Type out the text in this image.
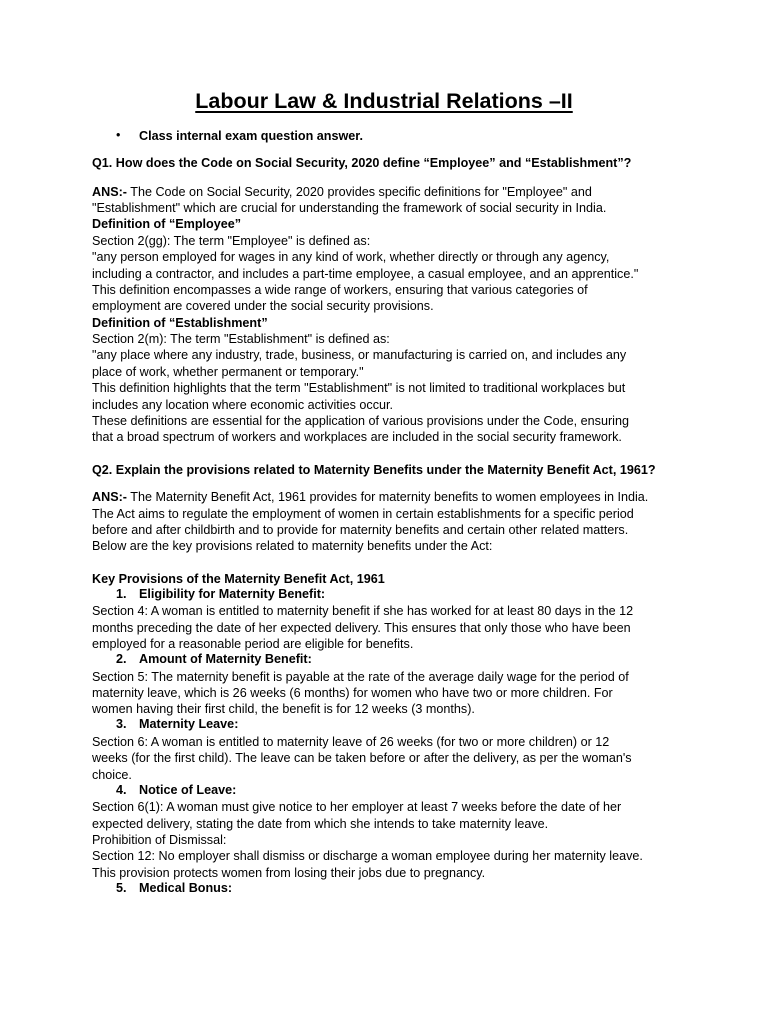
Labour Law & Industrial Relations –II
• Class internal exam question answer.
Q1. How does the Code on Social Security, 2020 define “Employee” and “Establishment”?
ANS:- The Code on Social Security, 2020 provides specific definitions for "Employee" and
"Establishment" which are crucial for understanding the framework of social security in India.
Definition of “Employee”
Section 2(gg): The term "Employee" is defined as:
"any person employed for wages in any kind of work, whether directly or through any agency,
including a contractor, and includes a part-time employee, a casual employee, and an apprentice."
This definition encompasses a wide range of workers, ensuring that various categories of
employment are covered under the social security provisions.
Definition of “Establishment”
Section 2(m): The term "Establishment" is defined as:
"any place where any industry, trade, business, or manufacturing is carried on, and includes any
place of work, whether permanent or temporary."
This definition highlights that the term "Establishment" is not limited to traditional workplaces but
includes any location where economic activities occur.
These definitions are essential for the application of various provisions under the Code, ensuring
that a broad spectrum of workers and workplaces are included in the social security framework.
Q2. Explain the provisions related to Maternity Benefits under the Maternity Benefit Act, 1961?
ANS:- The Maternity Benefit Act, 1961 provides for maternity benefits to women employees in India.
The Act aims to regulate the employment of women in certain establishments for a specific period
before and after childbirth and to provide for maternity benefits and certain other related matters.
Below are the key provisions related to maternity benefits under the Act:
Key Provisions of the Maternity Benefit Act, 1961
1. Eligibility for Maternity Benefit:
Section 4: A woman is entitled to maternity benefit if she has worked for at least 80 days in the 12
months preceding the date of her expected delivery. This ensures that only those who have been
employed for a reasonable period are eligible for benefits.
2. Amount of Maternity Benefit:
Section 5: The maternity benefit is payable at the rate of the average daily wage for the period of
maternity leave, which is 26 weeks (6 months) for women who have two or more children. For
women having their first child, the benefit is for 12 weeks (3 months).
3. Maternity Leave:
Section 6: A woman is entitled to maternity leave of 26 weeks (for two or more children) or 12
weeks (for the first child). The leave can be taken before or after the delivery, as per the woman's
choice.
4. Notice of Leave:
Section 6(1): A woman must give notice to her employer at least 7 weeks before the date of her
expected delivery, stating the date from which she intends to take maternity leave.
Prohibition of Dismissal:
Section 12: No employer shall dismiss or discharge a woman employee during her maternity leave.
This provision protects women from losing their jobs due to pregnancy.
5. Medical Bonus:
